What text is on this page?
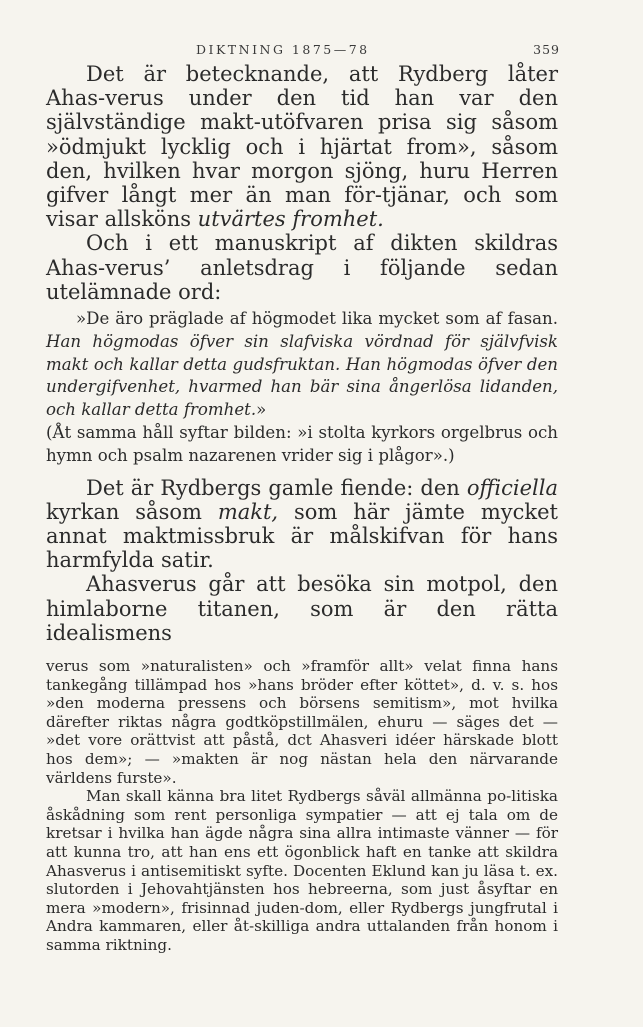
DIKTNING 1875—78	359

Det är betecknande, att Rydberg låter Ahas-verus under den tid han var den självständige makt-utöfvaren prisa sig såsom »ödmjukt lycklig och i hjärtat from», såsom den, hvilken hvar morgon sjöng, huru Herren gifver långt mer än man för-tjänar, och som visar allsköns utvärtes fromhet.

Och i ett manuskript af dikten skildras Ahas-verus’ anletsdrag i följande sedan utelämnade ord:

»De äro präglade af högmodet lika mycket som af fasan. Han högmodas öfver sin slafviska vördnad för självfvisk makt och kallar detta gudsfruktan. Han högmodas öfver den undergifvenhet, hvarmed han bär sina ångerlösa lidanden, och kallar detta fromhet.»

(Åt samma håll syftar bilden: »i stolta kyrkors orgelbrus och hymn och psalm nazarenen vrider sig i plågor».)

Det är Rydbergs gamle fiende: den officiella kyrkan såsom makt, som här jämte mycket annat maktmissbruk är målskifvan för hans harmfylda satir.

Ahasverus går att besöka sin motpol, den himlaborne titanen, som är den rätta idealismens

verus som »naturalisten» och »framför allt» velat finna hans tankegång tillämpad hos »hans bröder efter köttet», d. v. s. hos »den moderna pressens och börsens semitism», mot hvilka därefter riktas några godtköpstillmälen, ehuru — säges det — »det vore orättvist att påstå, dct Ahasveri idéer härskade blott hos dem»; — »makten är nog nästan hela den närvarande världens furste».

Man skall känna bra litet Rydbergs såväl allmänna po-litiska åskådning som rent personliga sympatier — att ej tala om de kretsar i hvilka han ägde några sina allra intimaste vänner — för att kunna tro, att han ens ett ögonblick haft en tanke att skildra Ahasverus i antisemitiskt syfte. Docenten Eklund kan ju läsa t. ex. slutorden i Jehovahtjänsten hos hebreerna, som just åsyftar en mera »modern», frisinnad juden-dom, eller Rydbergs jungfrutal i Andra kammaren, eller åt-skilliga andra uttalanden från honom i samma riktning.
